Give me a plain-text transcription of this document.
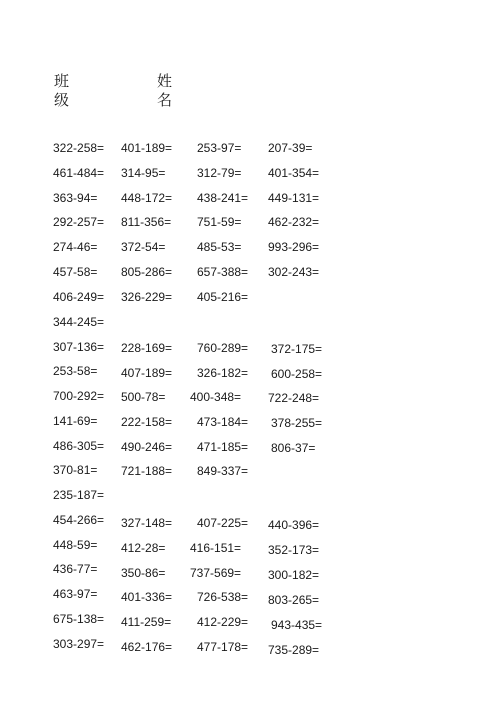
班
级
姓
名
322-258= 401-189= 253-97= 207-39=
461-484= 314-95=	312-79= 401-354=
363-94= 448-172= 438-241= 449-131=
292-257= 811-356= 751-59= 462-232=
274-46= 372-54=	485-53= 993-296=
457-58= 805-286= 657-388= 302-243=
406-249= 326-229= 405-216=
344-245=
307-136= 228-169= 760-289= 372-175=
253-58= 407-189= 326-182= 600-258=
700-292= 500-78= 400-348= 722-248=
141-69= 222-158= 473-184= 378-255=
486-305= 490-246= 471-185= 806-37=
370-81= 721-188= 849-337=
235-187=
454-266= 327-148= 407-225= 440-396=
448-59= 412-28= 416-151= 352-173=
436-77= 350-86= 737-569= 300-182=
463-97= 401-336= 726-538= 803-265=
675-138= 411-259= 412-229= 943-435=
303-297= 462-176= 477-178= 735-289=
